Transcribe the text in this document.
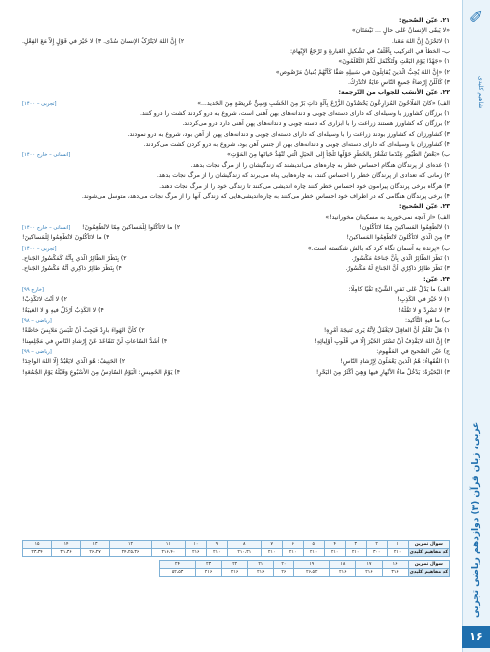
✐
شاهیم کلیدی
عربی، زبان قرآن (۳) دوازدهم ریاضی تجربی
۱۶
۲۱. عيّن الصّحيح:
«لا يَبقَى الإنسانُ عَلى حالٍ ... نَيْسَتَان»
۱) لاتَحْزَنْ إِنَّ اللهَ مَعَنا.
۲) إِنَّ اللهَ لایَتْرُکُ الإنسانَ سُدًى. ۳) لا خَیْرَ في قَوْلٍ إِلاّ مَعَ الفِعْلِ.
ب- الخطأ في التركيب بِأَقْلَفٌ في تَشْکيلِ العَبارةِ وَ تَرْجَعُ الإِبْهامَ:
۱) «جَهْدُا يَوْمَ البَعْثِ وَلْتَكُنْمَل لَكُمْ التَّعْلَمُونَ»
۲) «إِنَّ اللهَ يُحِبُّ الَّذينَ يُقاتِلُونَ في سَبيلِهِ صَفًّا كَأَنَّهُمْ بُنيانٌ مَرْصُوص»
۳) كَالْلَنْ إِرْضاءُ جَميعِ النّاسِ غايَةٌ لاتُدْرَكُ.
۲۲. عيّن الأنسَب للجواب من التّرجمة:
الف) «كانَ الفلّاحُونَ المُزارِعُونَ يَحْصُدُونَ الزَّرْعَ بِآلَةٍ ذاتِ بَرْ مِنَ الخَشَبِ وَسِنٍّ عَريضَةٍ مِنَ الحَديد...»
[تجربی – ۱۴۰۰]
۱) برزگان کشاورز با وسیله‌ای که دارای دسته‌ای چوبی و دندانه‌های بهن آهنی است، شروع به درو کردند کشت را درو کنند.
۲) برزگان که کشاورز هستند زراعت را با ابزاری که دسته چوبی و دندانه‌های پهن آهنی دارد درو می‌کردند.
۳) کشاورزان که کشاورز بودند زراعت را با وسیله‌ای که دارای دسته‌ای چوبی و دندانه‌های پهن از آهن بود، شروع به درو نمودند.
۴) کشاورزان با وسیله‌ای که دارای دسته‌ای چوبی و دندانه‌های بهن از جنس آهن بود، شروع به درو کردن کشت می‌کردند.
ب) «بَعْضُ الطُّيُورِ عِنْدَما تَشْعُرُ بِالخَطَرِ حَوْلَها تَلْجَأُ إِلى الحيَلِ الَّتي تُنْقِذُ حَياتَها مِنَ المَوْتِ»
[انسانی – خارج ۱۴۰۰]
۱) عده‌ای از پرندگان هنگام احساس خطر به چاره‌های می‌اندیشند که زندگیشان را از مرگ نجات بدهد.
۲) زمانی که تعدادی از پرندگان خطر را احساس کنند، به چاره‌هایی پناه می‌برند که زندگیشان را از مرگ نجات بدهد.
۳) هرگاه برخی پرندگان پیرامون خود احساس خطر کنند چاره اندیشی می‌کنند تا زندگی خود را از مرگ نجات دهند.
۴) برخی پرندگان هنگامی که در اطراف خود احساس خطر می‌کنند به چاره‌اندیشی‌هایی که زندگی آنها را از مرگ نجات می‌دهد، متوسل می‌شوند.
۲۳. عيّن الصّحيح:
الف) «از آنچه نمی‌خورید به مسکینان مخورانید!»
۱) لاتُطْعِمُوا المَساكينَ مِمّا لاتَأْكُلون!
۲) ما لاتَأْكُلوا لِلْمَساكينَ مِمّا لاتُطْعِمُونَ!
[انسانی – خارج ۱۴۰۰]
۳) مِنَ الَّذي لاتَأْكُلونَ لاتُطْعِمُوا المَساكينَ!
۴) ما لاتَأْكُلونَ لاتُطْعِمُوا لِلْمَساكينَ!
ب) «پرنده به آسمان نگاه کرد که بالش شکسته است.»
[تجربی – ۱۴۰۰]
۱) نَظَرَ الطّائِرُ الَّذي بِأَنَّ جَناحَهُ مَكْسُورٌ.
۲) بِنَظَرُ الطّائِرُ الَّذي بِأَنَّهُ كَمَكْسُورُ الجَناح.
۳) نَظَرَ طائِرٌ ذاكِرُي أَنَّ الجَناحَ لَهُ مَكْسُورٌ.
۴) بِنَظَرَ طائِرٌ ذاكِري أَنَّهُ مَكْسُورُ الجَناح.
۲۴. عيّن:
الف) ما يَدُلُّ عَلى نَفيِ الشَّيْءِ نَفْيًا كامِلًا:
[خارج ۹۹]
۱) لا خَيْرَ في الكَذِبِ!
۲) لا أَنْتَ لاتَكْذِبْ!
۳) لا تَسْرِدْ وَ لا تَقُلْهُ!
۴) لا الكَذِبُ أَرْذَلُ فيهِ وَ لا الغيبَةُ!
ب) ما فيهِ التَّأْكيد:
[ریاضی – ۹۸]
۱) هَلْ تَعْلَمُ أَنَّ العاقِلَ لايَغْفَلُ لِأَنَّهُ يَرى نَتيجَةَ أَمْرِهِ!
۲) كأنَّ الهَواءَ بارِدٌ فَيَجِبُ أَنْ نَلْبَسَ مَلابِسَ خاصَّةً!
۳) إِنَّ اللهَ لايَقْذِفُ أَنْ تَسْتَرَ الخَيْرَ إِلَّا في قُلُوبِ أَوْلِيائِهِ!
۴) أَشَدُّ السّاعاتِ لَنْ نَتَقَاعَدَ عَنْ إِرْشادِ النّاسِ في مَجْلِسِنا!
ج) عيّن الصّحيح في المَفْهوم:
[ریاضی – ۹۹]
۱) الفُقَهاءُ: هُمُ الَّذينَ يَعْمَلُونَ لِإِرْشادِ النّاسِ!
۲) الحَنِيفُ: هُوَ الَّذي لايَعْبُدُ إِلَّا اللهَ الواحِدَ!
۳) البُحَيْرَةُ: يَدْخُلُ ماءُ الأَنْهارِ فيها وَهِيَ أَكْثَرُ مِنَ البَحْرِ!
۴) يَوْمُ الخَمِيسِ: الْيَوْمُ السّادِسُ مِنَ الأُسْبُوعِ وَقَبْلَهُ يَوْمُ الجُمُعَةِ!
سوال تمرین	۱	۲	۳	۴	۵	۶	۷	۸	۹	۱۰	۱۱	۱۲	۱۳	۱۴	۱۵
کد مفاهیم کلیدی	۲۱۰	۳۰۰	۲۱۰	۲۱۰	۲۱۰	۲۱۰	۲۱۰	۲۱۰،۳۱	۲۱۰	۲۱۶	۲۱۶،۴۰	۲۴،۲۵،۳۶	۲۶،۲۷	۳۱،۳۶	۲۳،۳۴
سوال تمرین	۱۶	۱۷	۱۸	۱۹	۲۰	۲۱	۲۲	۲۳	۲۴
کد مفاهیم کلیدی	۳۱۶	۲۱۶	۲۱۶	۲۶،۵۲	۲۶	۲۱۶	۲۱۶	۲۱۶	۵۲،۵۳
